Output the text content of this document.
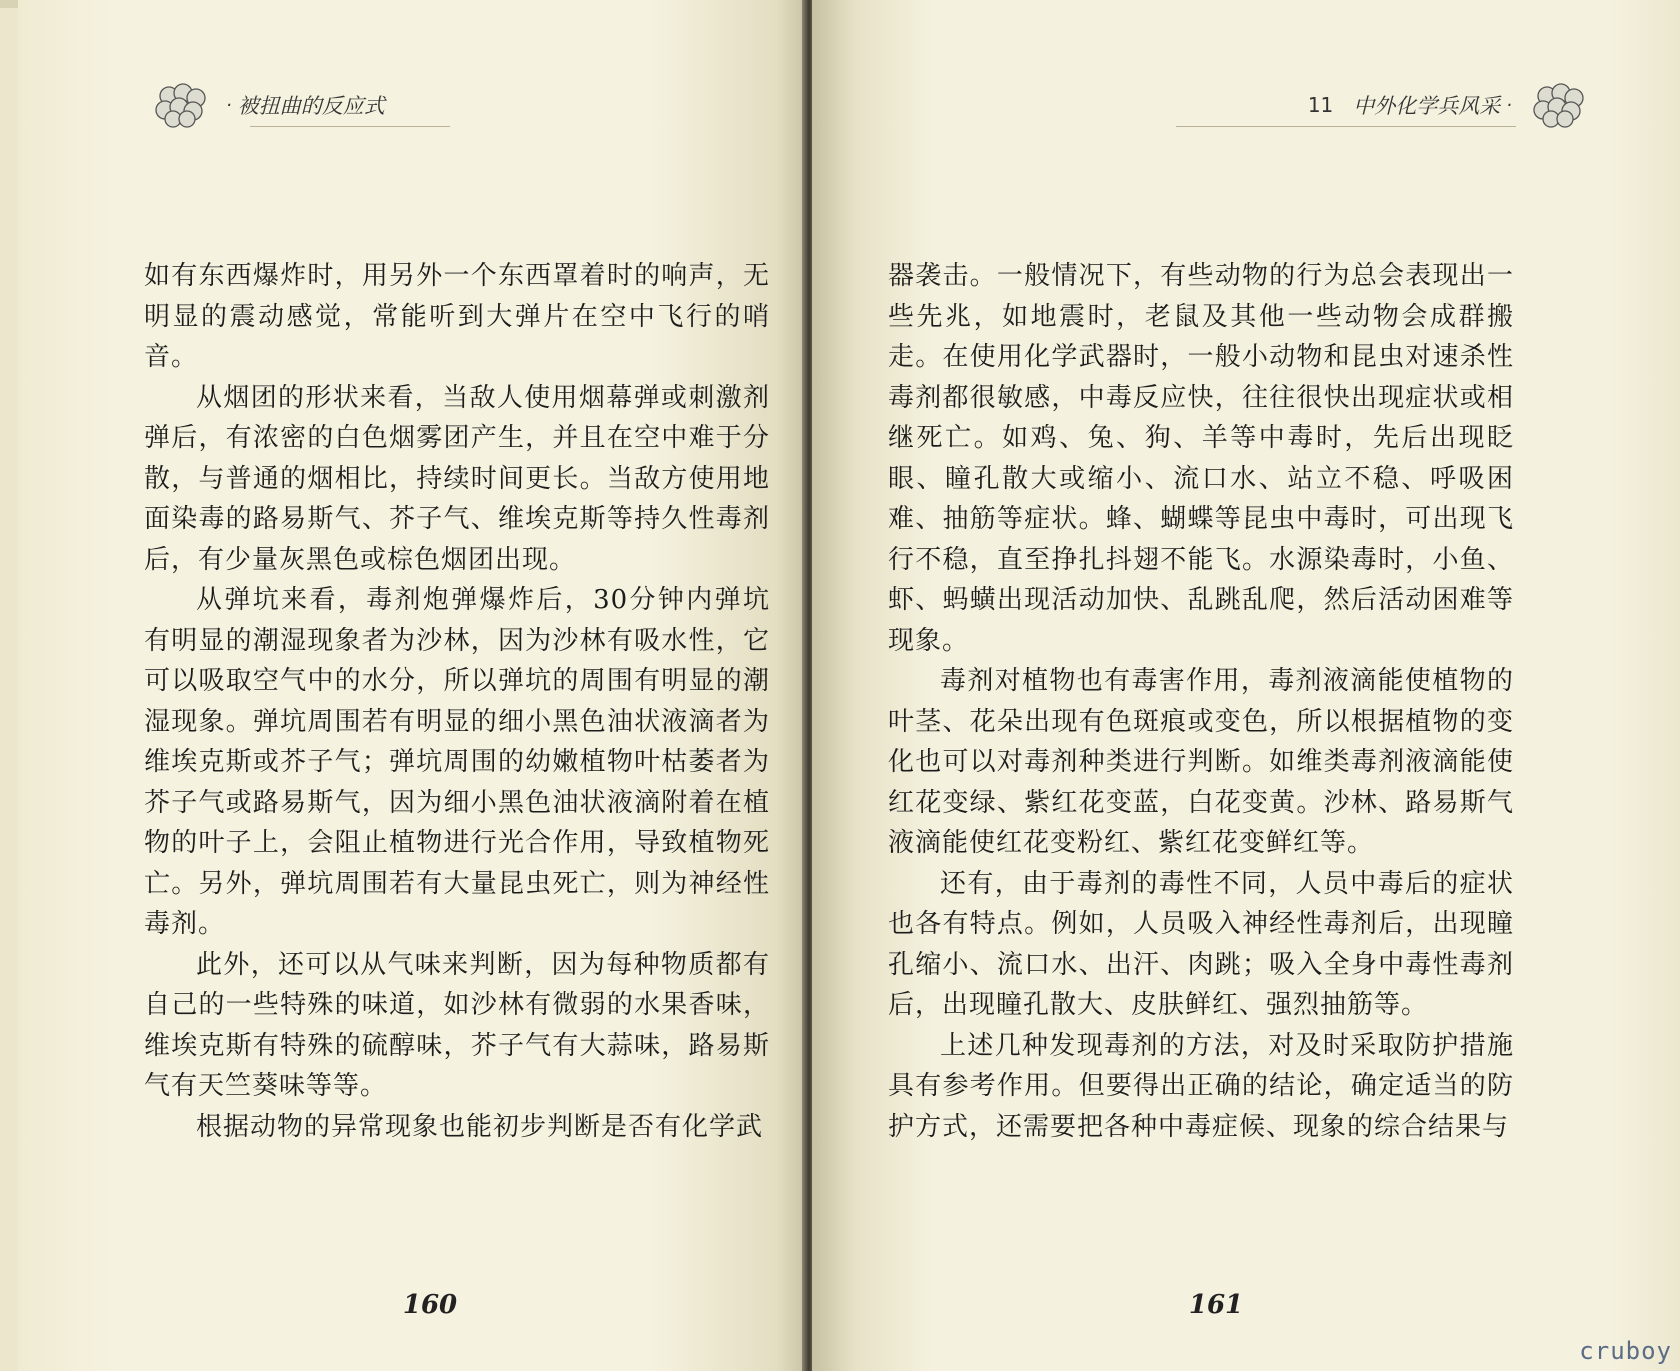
· 被扭曲的反应式

如有东西爆炸时，用另外一个东西罩着时的响声，无明显的震动感觉，常能听到大弹片在空中飞行的哨音。

从烟团的形状来看，当敌人使用烟幕弹或刺激剂弹后，有浓密的白色烟雾团产生，并且在空中难于分散，与普通的烟相比，持续时间更长。当敌方使用地面染毒的路易斯气、芥子气、维埃克斯等持久性毒剂后，有少量灰黑色或棕色烟团出现。

从弹坑来看，毒剂炮弹爆炸后，30分钟内弹坑有明显的潮湿现象者为沙林，因为沙林有吸水性，它可以吸取空气中的水分，所以弹坑的周围有明显的潮湿现象。弹坑周围若有明显的细小黑色油状液滴者为维埃克斯或芥子气；弹坑周围的幼嫩植物叶枯萎者为芥子气或路易斯气，因为细小黑色油状液滴附着在植物的叶子上，会阻止植物进行光合作用，导致植物死亡。另外，弹坑周围若有大量昆虫死亡，则为神经性毒剂。

此外，还可以从气味来判断，因为每种物质都有自己的一些特殊的味道，如沙林有微弱的水果香味，维埃克斯有特殊的硫醇味，芥子气有大蒜味，路易斯气有天竺葵味等等。

根据动物的异常现象也能初步判断是否有化学武

160
11 中外化学兵风采 ·

器袭击。一般情况下，有些动物的行为总会表现出一些先兆，如地震时，老鼠及其他一些动物会成群搬走。在使用化学武器时，一般小动物和昆虫对速杀性毒剂都很敏感，中毒反应快，往往很快出现症状或相继死亡。如鸡、兔、狗、羊等中毒时，先后出现眨眼、瞳孔散大或缩小、流口水、站立不稳、呼吸困难、抽筋等症状。蜂、蝴蝶等昆虫中毒时，可出现飞行不稳，直至挣扎抖翅不能飞。水源染毒时，小鱼、虾、蚂蟥出现活动加快、乱跳乱爬，然后活动困难等现象。

毒剂对植物也有毒害作用，毒剂液滴能使植物的叶茎、花朵出现有色斑痕或变色，所以根据植物的变化也可以对毒剂种类进行判断。如维类毒剂液滴能使红花变绿、紫红花变蓝，白花变黄。沙林、路易斯气液滴能使红花变粉红、紫红花变鲜红等。

还有，由于毒剂的毒性不同，人员中毒后的症状也各有特点。例如，人员吸入神经性毒剂后，出现瞳孔缩小、流口水、出汗、肉跳；吸入全身中毒性毒剂后，出现瞳孔散大、皮肤鲜红、强烈抽筋等。

上述几种发现毒剂的方法，对及时采取防护措施具有参考作用。但要得出正确的结论，确定适当的防护方式，还需要把各种中毒症候、现象的综合结果与

161
cruboy
